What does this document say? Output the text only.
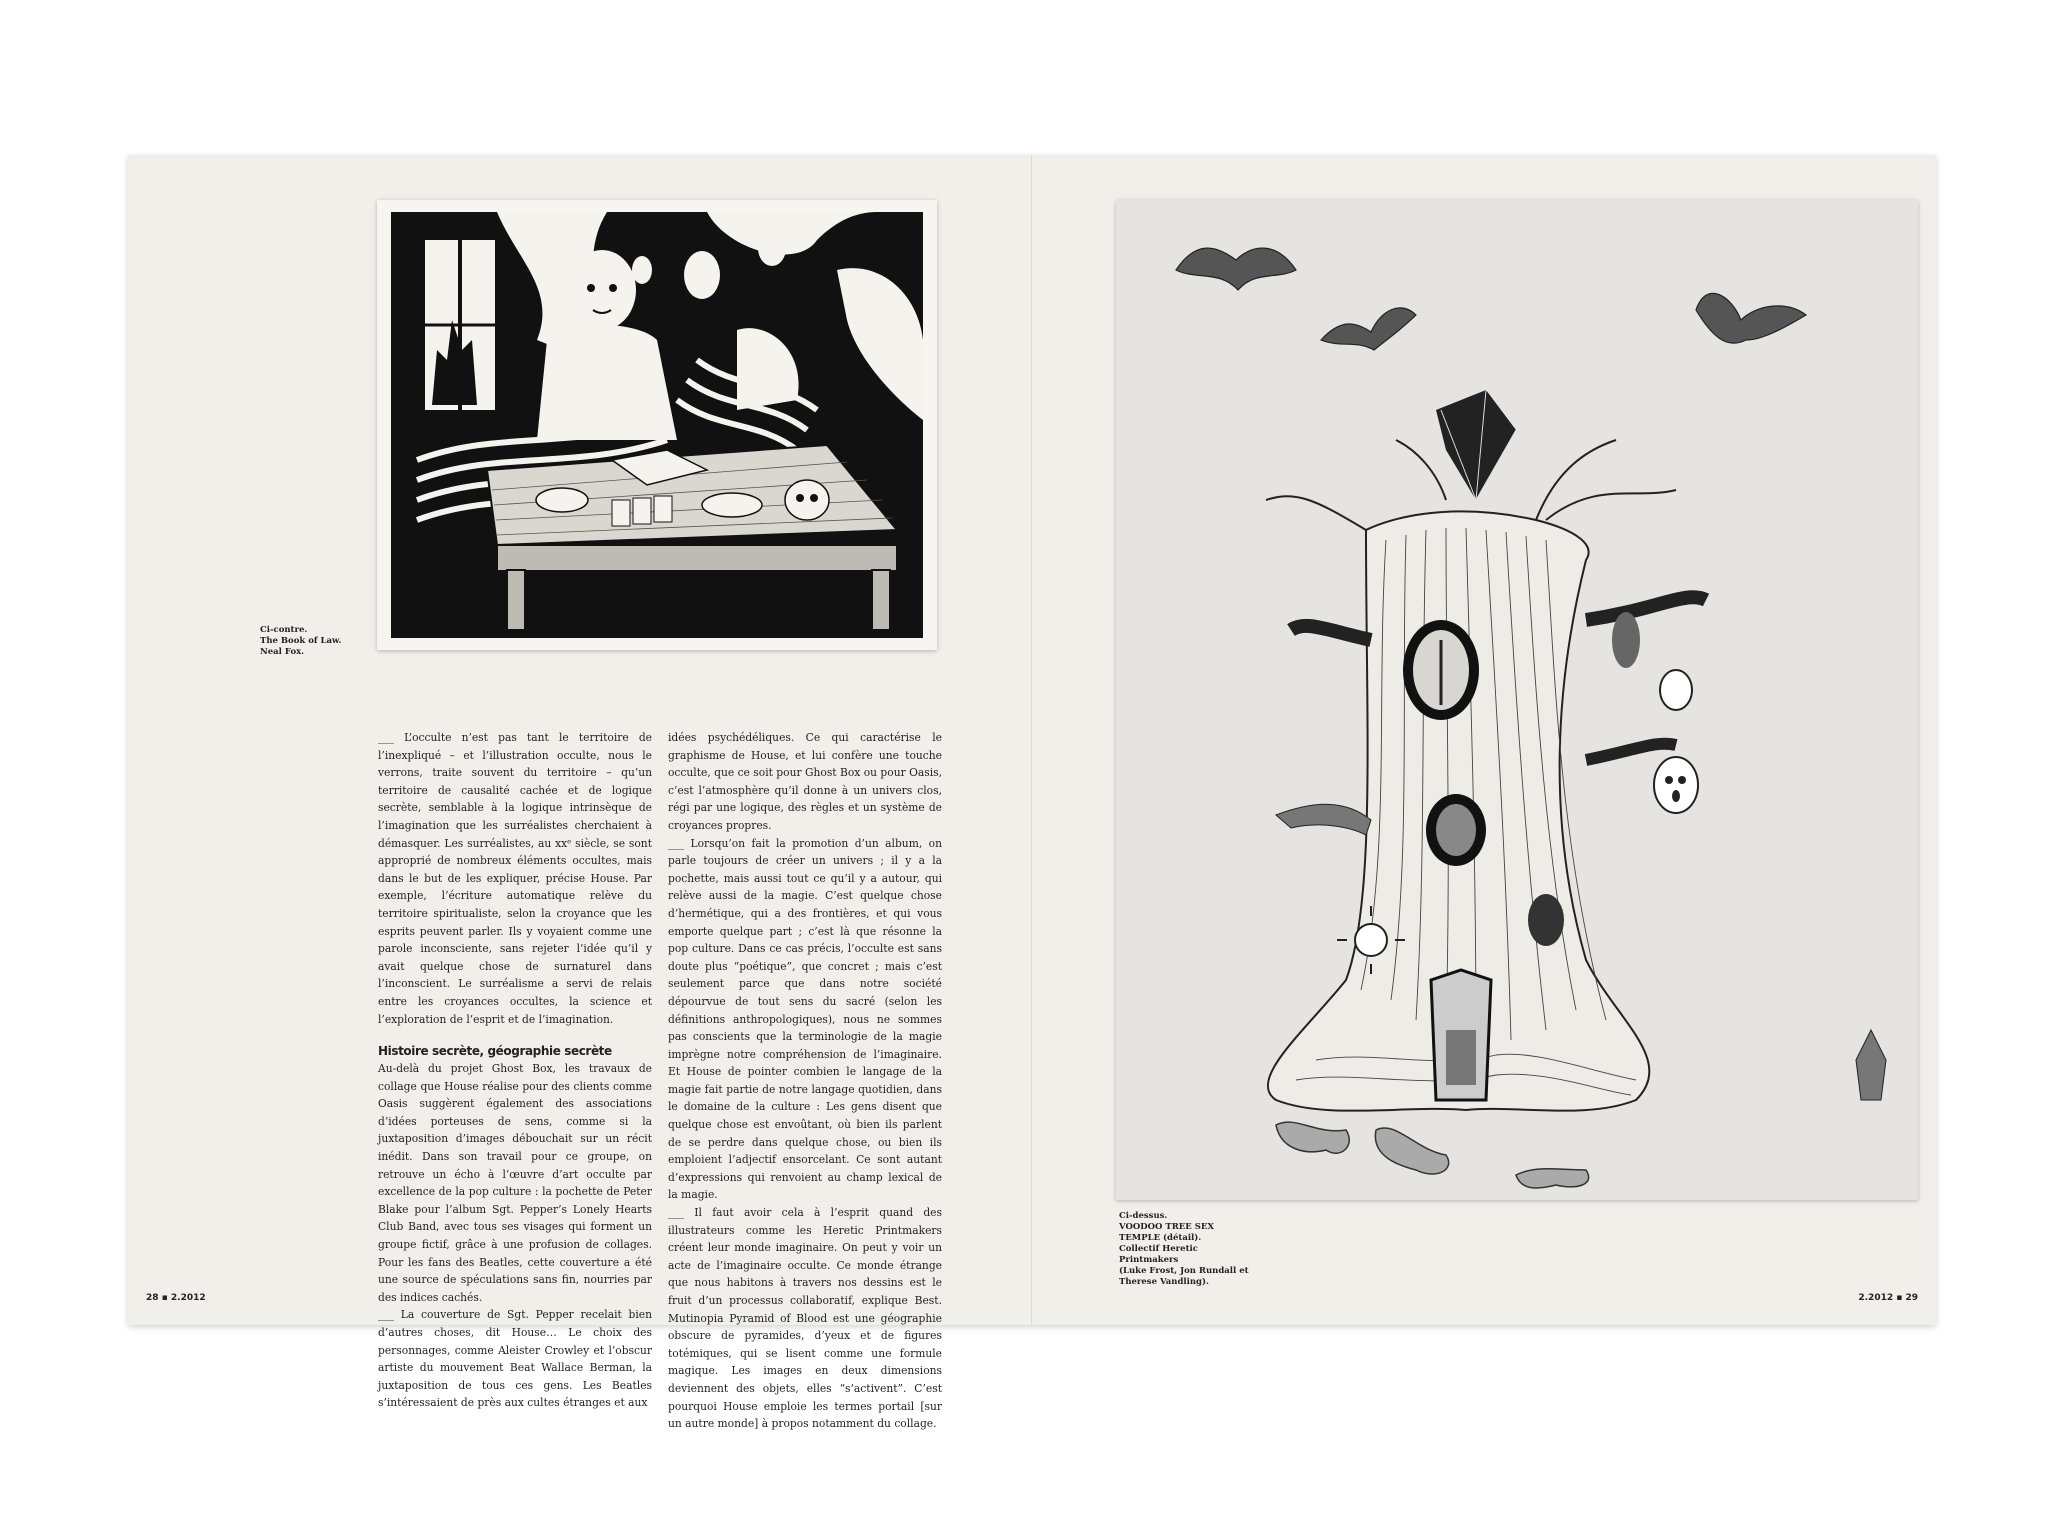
Ci-contre.
The Book of Law.
Neal Fox.

___ L’occulte n’est pas tant le territoire de l’inexpliqué – et l’illustration occulte, nous le verrons, traite souvent du territoire – qu’un territoire de causalité cachée et de logique secrète, semblable à la logique intrinsèque de l’imagination que les surréalistes cherchaient à démasquer. Les surréalistes, au xxᵉ siècle, se sont approprié de nombreux éléments occultes, mais dans le but de les expliquer, précise House. Par exemple, l’écriture automatique relève du territoire spiritualiste, selon la croyance que les esprits peuvent parler. Ils y voyaient comme une parole inconsciente, sans rejeter l’idée qu’il y avait quelque chose de surnaturel dans l’inconscient. Le surréalisme a servi de relais entre les croyances occultes, la science et l’exploration de l’esprit et de l’imagination.

Histoire secrète, géographie secrète

Au-delà du projet Ghost Box, les travaux de collage que House réalise pour des clients comme Oasis suggèrent également des associations d’idées porteuses de sens, comme si la juxtaposition d’images débouchait sur un récit inédit. Dans son travail pour ce groupe, on retrouve un écho à l’œuvre d’art occulte par excellence de la pop culture : la pochette de Peter Blake pour l’album Sgt. Pepper’s Lonely Hearts Club Band, avec tous ses visages qui forment un groupe fictif, grâce à une profusion de collages. Pour les fans des Beatles, cette couverture a été une source de spéculations sans fin, nourries par des indices cachés.

___ La couverture de Sgt. Pepper recelait bien d’autres choses, dit House… Le choix des personnages, comme Aleister Crowley et l’obscur artiste du mouvement Beat Wallace Berman, la juxtaposition de tous ces gens. Les Beatles s’intéressaient de près aux cultes étranges et aux

idées psychédéliques. Ce qui caractérise le graphisme de House, et lui confère une touche occulte, que ce soit pour Ghost Box ou pour Oasis, c’est l’atmosphère qu’il donne à un univers clos, régi par une logique, des règles et un système de croyances propres.

___ Lorsqu’on fait la promotion d’un album, on parle toujours de créer un univers ; il y a la pochette, mais aussi tout ce qu’il y a autour, qui relève aussi de la magie. C’est quelque chose d’hermétique, qui a des frontières, et qui vous emporte quelque part ; c’est là que résonne la pop culture. Dans ce cas précis, l’occulte est sans doute plus “poétique”, que concret ; mais c’est seulement parce que dans notre société dépourvue de tout sens du sacré (selon les définitions anthropologiques), nous ne sommes pas conscients que la terminologie de la magie imprègne notre compréhension de l’imaginaire. Et House de pointer combien le langage de la magie fait partie de notre langage quotidien, dans le domaine de la culture : Les gens disent que quelque chose est envoûtant, où bien ils parlent de se perdre dans quelque chose, ou bien ils emploient l’adjectif ensorcelant. Ce sont autant d’expressions qui renvoient au champ lexical de la magie.

___ Il faut avoir cela à l’esprit quand des illustrateurs comme les Heretic Printmakers créent leur monde imaginaire. On peut y voir un acte de l’imaginaire occulte. Ce monde étrange que nous habitons à travers nos dessins est le fruit d’un processus collaboratif, explique Best. Mutinopia Pyramid of Blood est une géographie obscure de pyramides, d’yeux et de figures totémiques, qui se lisent comme une formule magique. Les images en deux dimensions deviennent des objets, elles “s’activent”. C’est pourquoi House emploie les termes portail [sur un autre monde] à propos notamment du collage.

28 ▪ 2.2012
Ci-dessus.
VOODOO TREE SEX TEMPLE (détail).
Collectif Heretic Printmakers
(Luke Frost, Jon Rundall et Therese Vandling).
2.2012 ▪ 29
